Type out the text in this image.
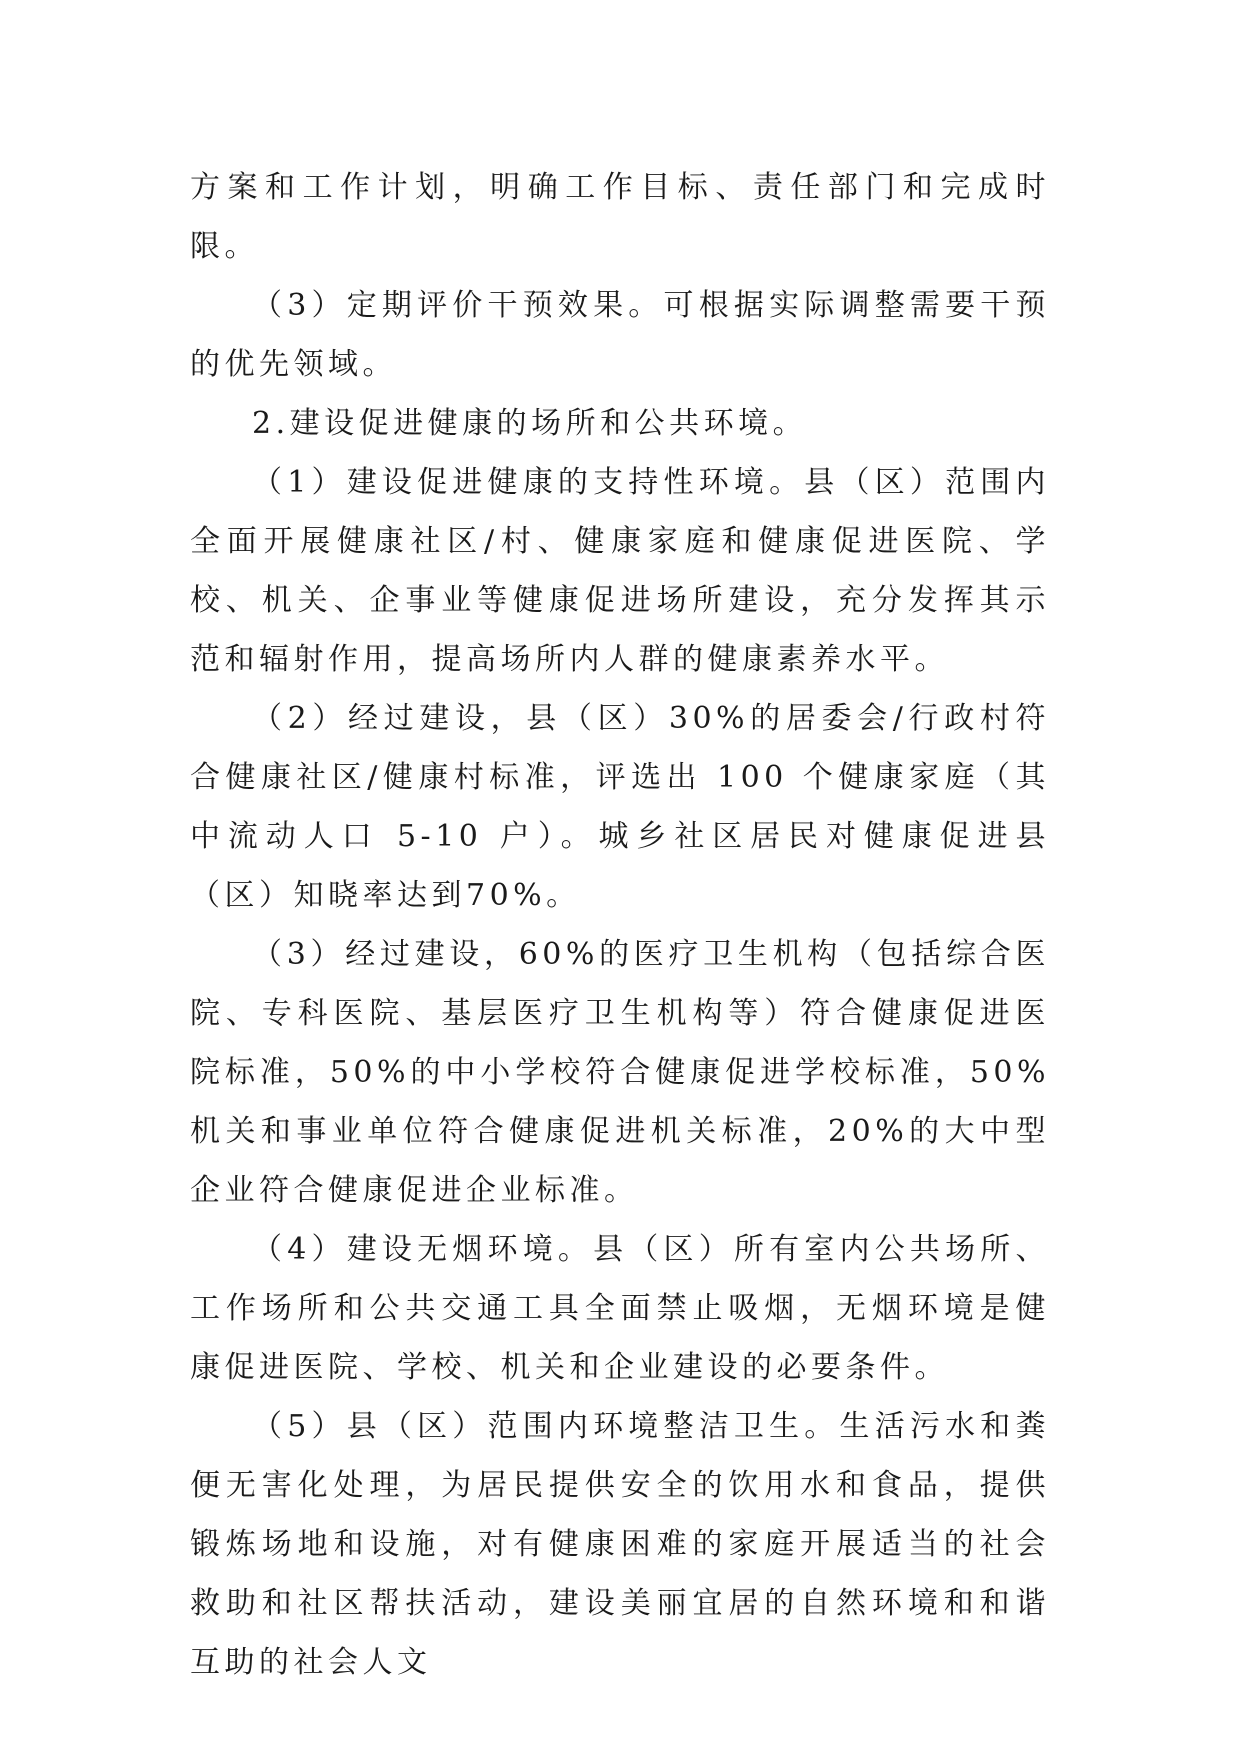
方案和工作计划，明确工作目标、责任部门和完成时限。

（3）定期评价干预效果。可根据实际调整需要干预的优先领域。

2.建设促进健康的场所和公共环境。

（1）建设促进健康的支持性环境。县（区）范围内全面开展健康社区/村、健康家庭和健康促进医院、学校、机关、企事业等健康促进场所建设，充分发挥其示范和辐射作用，提高场所内人群的健康素养水平。

（2）经过建设，县（区）30%的居委会/行政村符合健康社区/健康村标准，评选出 100 个健康家庭（其中流动人口 5-10 户）。城乡社区居民对健康促进县（区）知晓率达到70%。

（3）经过建设，60%的医疗卫生机构（包括综合医院、专科医院、基层医疗卫生机构等）符合健康促进医院标准，50%的中小学校符合健康促进学校标准，50%机关和事业单位符合健康促进机关标准，20%的大中型企业符合健康促进企业标准。

（4）建设无烟环境。县（区）所有室内公共场所、工作场所和公共交通工具全面禁止吸烟，无烟环境是健康促进医院、学校、机关和企业建设的必要条件。

（5）县（区）范围内环境整洁卫生。生活污水和粪便无害化处理，为居民提供安全的饮用水和食品，提供锻炼场地和设施，对有健康困难的家庭开展适当的社会救助和社区帮扶活动，建设美丽宜居的自然环境和和谐互助的社会人文
